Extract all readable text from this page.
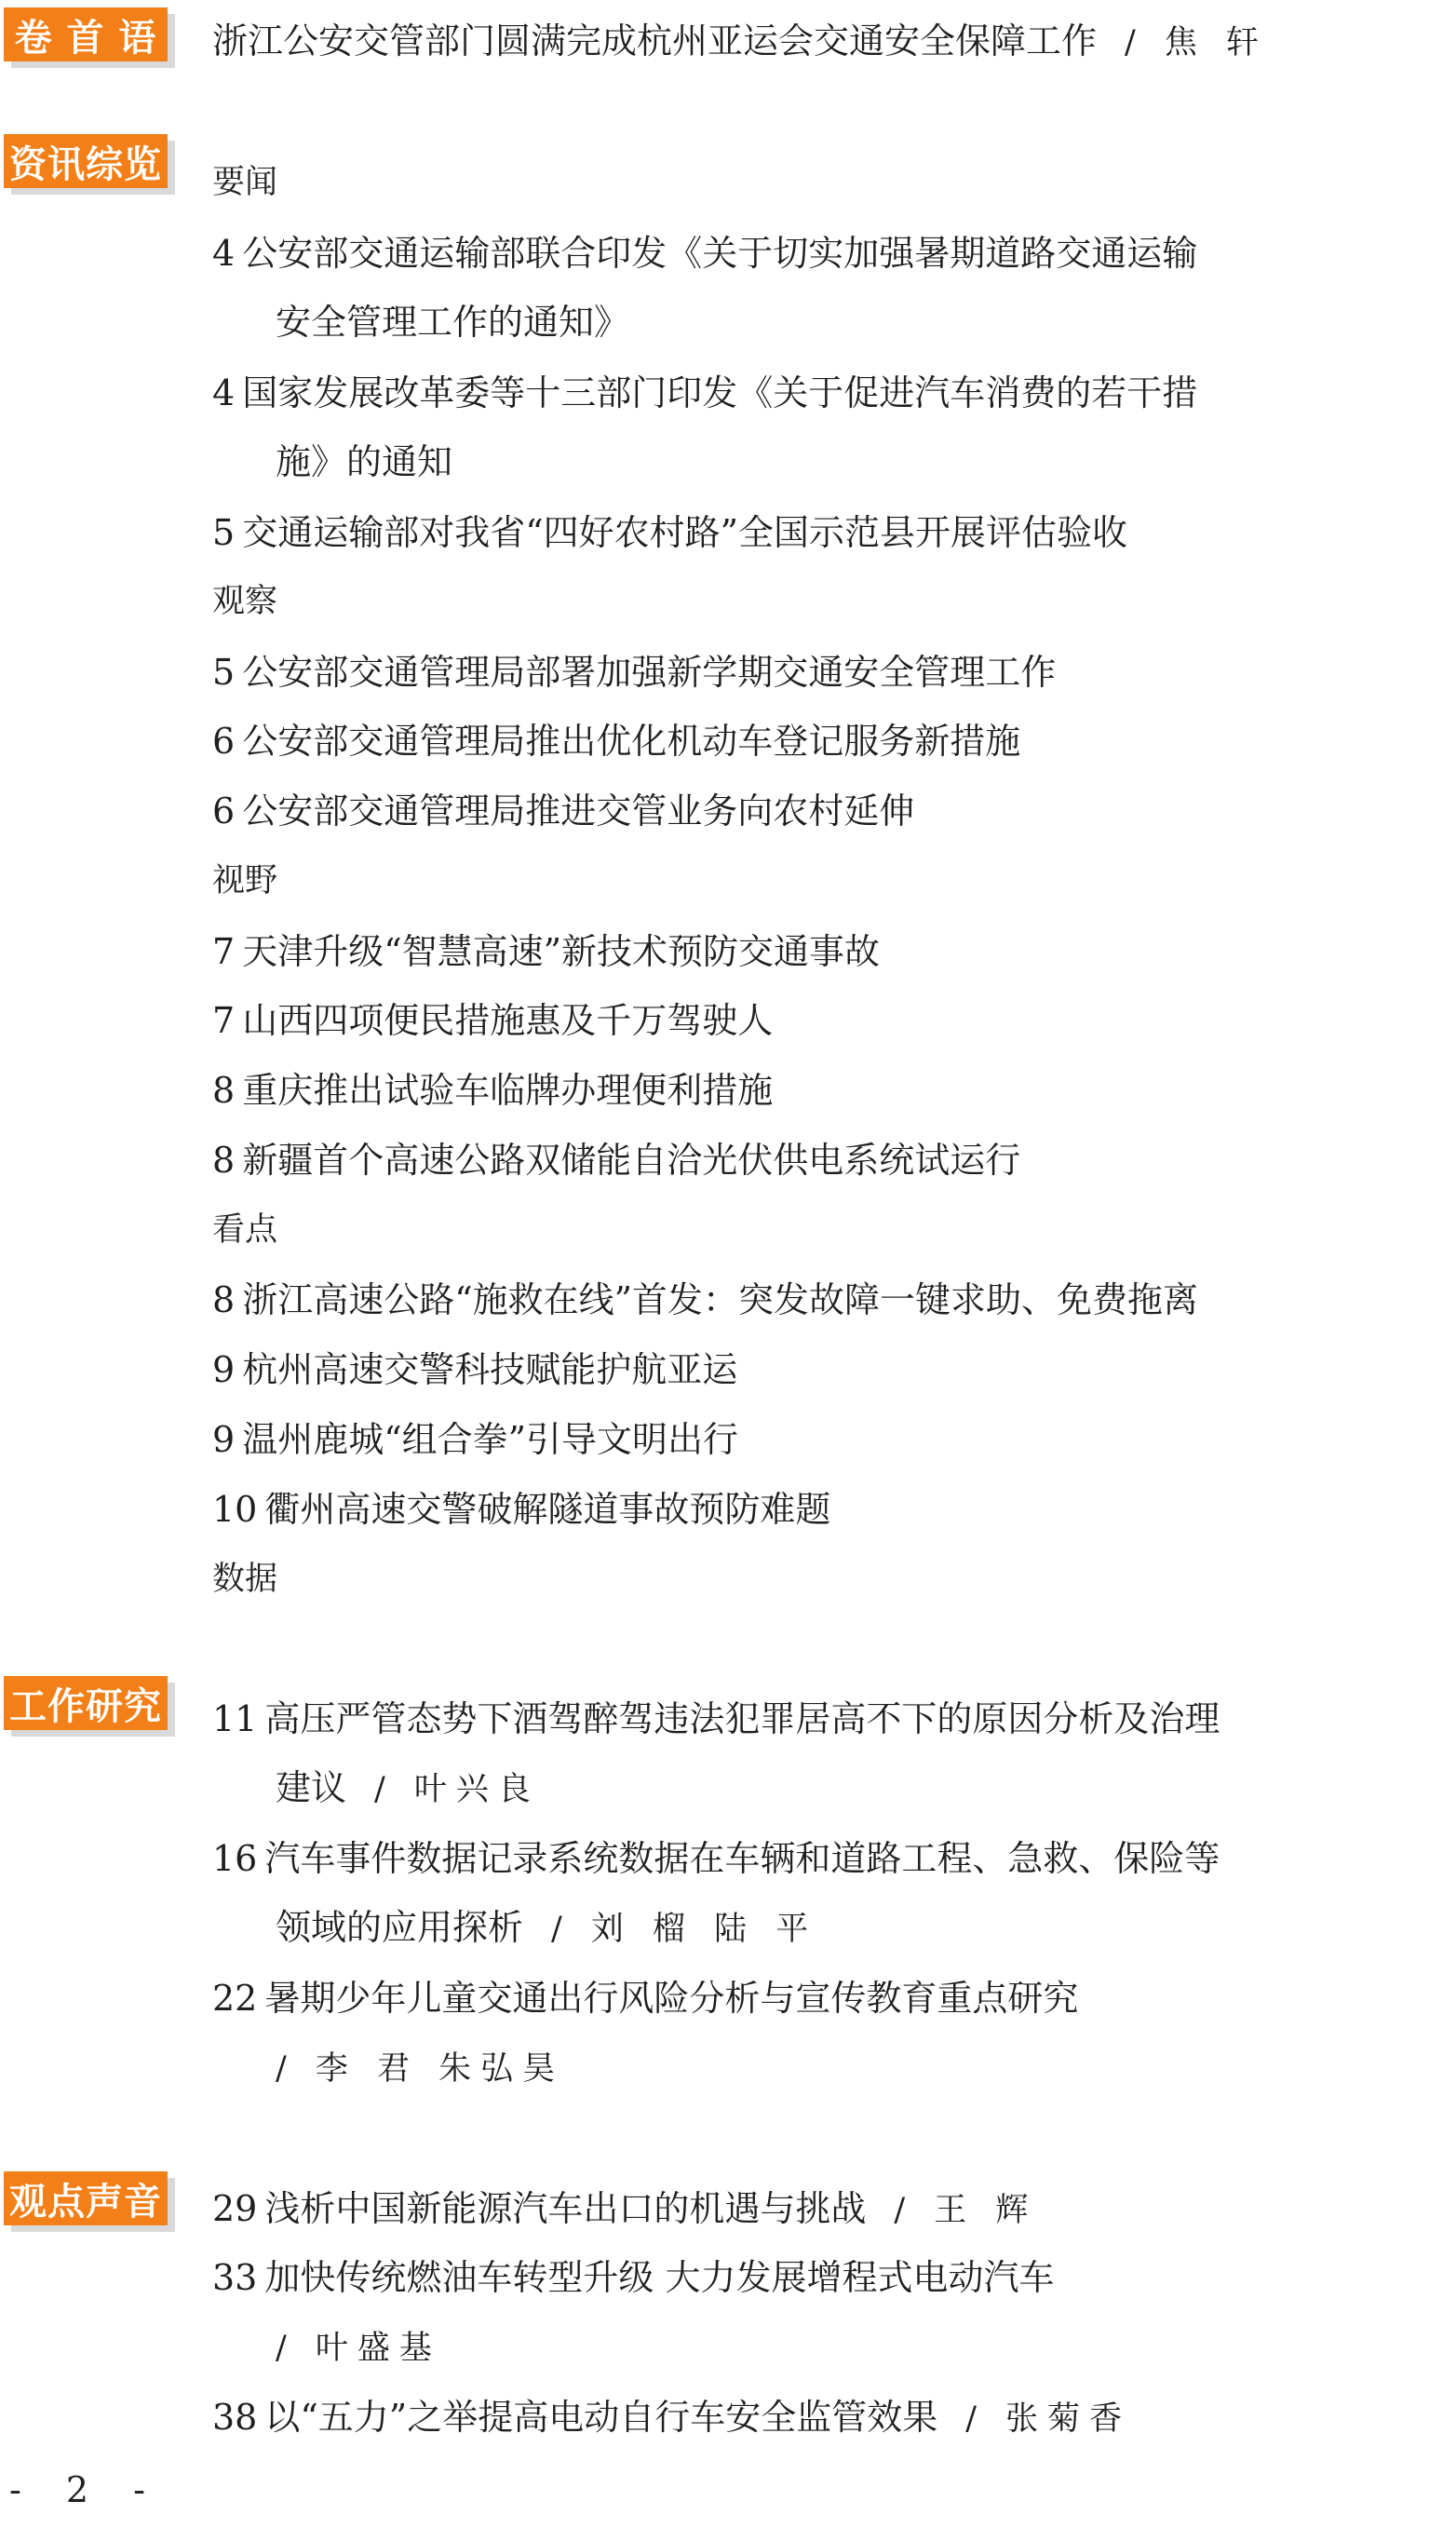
卷 首 语	浙江公安交管部门圆满完成杭州亚运会交通安全保障工作 / 焦 轩
资讯综览 要闻
4 公安部交通运输部联合印发《关于切实加强暑期道路交通运输
安全管理工作的通知》
4 国家发展改革委等十三部门印发《关于促进汽车消费的若干措
施》的通知
5 交通运输部对我省“四好农村路”全国示范县开展评估验收
观察
5 公安部交通管理局部署加强新学期交通安全管理工作
6 公安部交通管理局推出优化机动车登记服务新措施
6 公安部交通管理局推进交管业务向农村延伸
视野
7 天津升级“智慧高速”新技术预防交通事故
7 山西四项便民措施惠及千万驾驶人
8 重庆推出试验车临牌办理便利措施
8 新疆首个高速公路双储能自洽光伏供电系统试运行
看点
8 浙江高速公路“施救在线”首发：突发故障一键求助、免费拖离
9 杭州高速交警科技赋能护航亚运
9 温州鹿城“组合拳”引导文明出行
10 衢州高速交警破解隧道事故预防难题
数据
工作研究 11 高压严管态势下酒驾醉驾违法犯罪居高不下的原因分析及治理
建议 / 叶兴良
16 汽车事件数据记录系统数据在车辆和道路工程、急救、保险等
领域的应用探析 / 刘 榴 陆 平
22 暑期少年儿童交通出行风险分析与宣传教育重点研究
/ 李 君 朱弘昊
观点声音 29 浅析中国新能源汽车出口的机遇与挑战 / 王 辉
33 加快传统燃油车转型升级 大力发展增程式电动汽车
/ 叶盛基
38 以“五力”之举提高电动自行车安全监管效果 / 张菊香
- 2 -
